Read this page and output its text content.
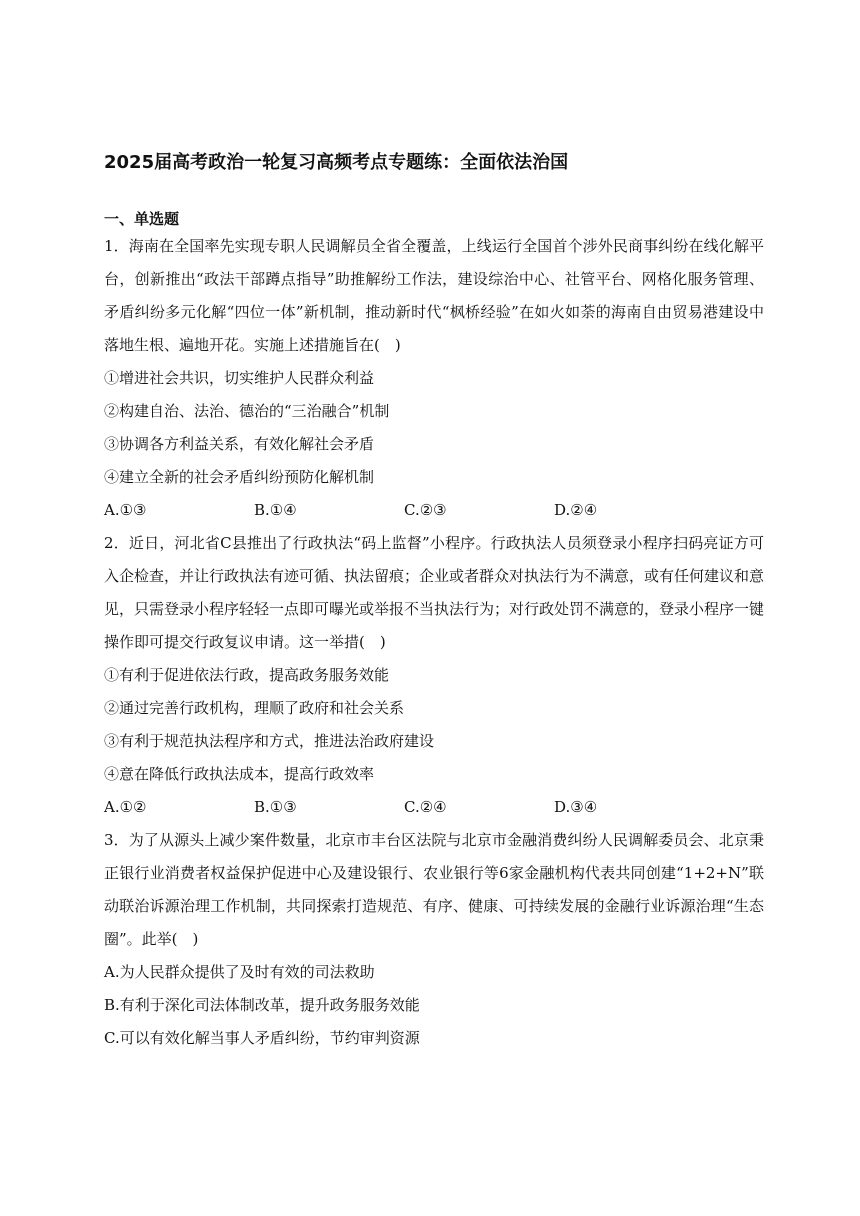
2025届高考政治一轮复习高频考点专题练：全面依法治国
一、单选题

1．海南在全国率先实现专职人民调解员全省全覆盖，上线运行全国首个涉外民商事纠纷在线化解平台，创新推出“政法干部蹲点指导”助推解纷工作法，建设综治中心、社管平台、网格化服务管理、矛盾纠纷多元化解“四位一体”新机制，推动新时代“枫桥经验”在如火如荼的海南自由贸易港建设中落地生根、遍地开花。实施上述措施旨在(　)

①增进社会共识，切实维护人民群众利益

②构建自治、法治、德治的“三治融合”机制

③协调各方利益关系，有效化解社会矛盾

④建立全新的社会矛盾纠纷预防化解机制

A.①③	B.①④	C.②③	D.②④

2．近日，河北省C县推出了行政执法“码上监督”小程序。行政执法人员须登录小程序扫码亮证方可入企检查，并让行政执法有迹可循、执法留痕；企业或者群众对执法行为不满意，或有任何建议和意见，只需登录小程序轻轻一点即可曝光或举报不当执法行为；对行政处罚不满意的，登录小程序一键操作即可提交行政复议申请。这一举措(　)

①有利于促进依法行政，提高政务服务效能

②通过完善行政机构，理顺了政府和社会关系

③有利于规范执法程序和方式，推进法治政府建设

④意在降低行政执法成本，提高行政效率

A.①②	B.①③	C.②④	D.③④

3．为了从源头上减少案件数量，北京市丰台区法院与北京市金融消费纠纷人民调解委员会、北京秉正银行业消费者权益保护促进中心及建设银行、农业银行等6家金融机构代表共同创建“1+2+N”联动联治诉源治理工作机制，共同探索打造规范、有序、健康、可持续发展的金融行业诉源治理“生态圈”。此举(　)

A.为人民群众提供了及时有效的司法救助

B.有利于深化司法体制改革，提升政务服务效能

C.可以有效化解当事人矛盾纠纷，节约审判资源
